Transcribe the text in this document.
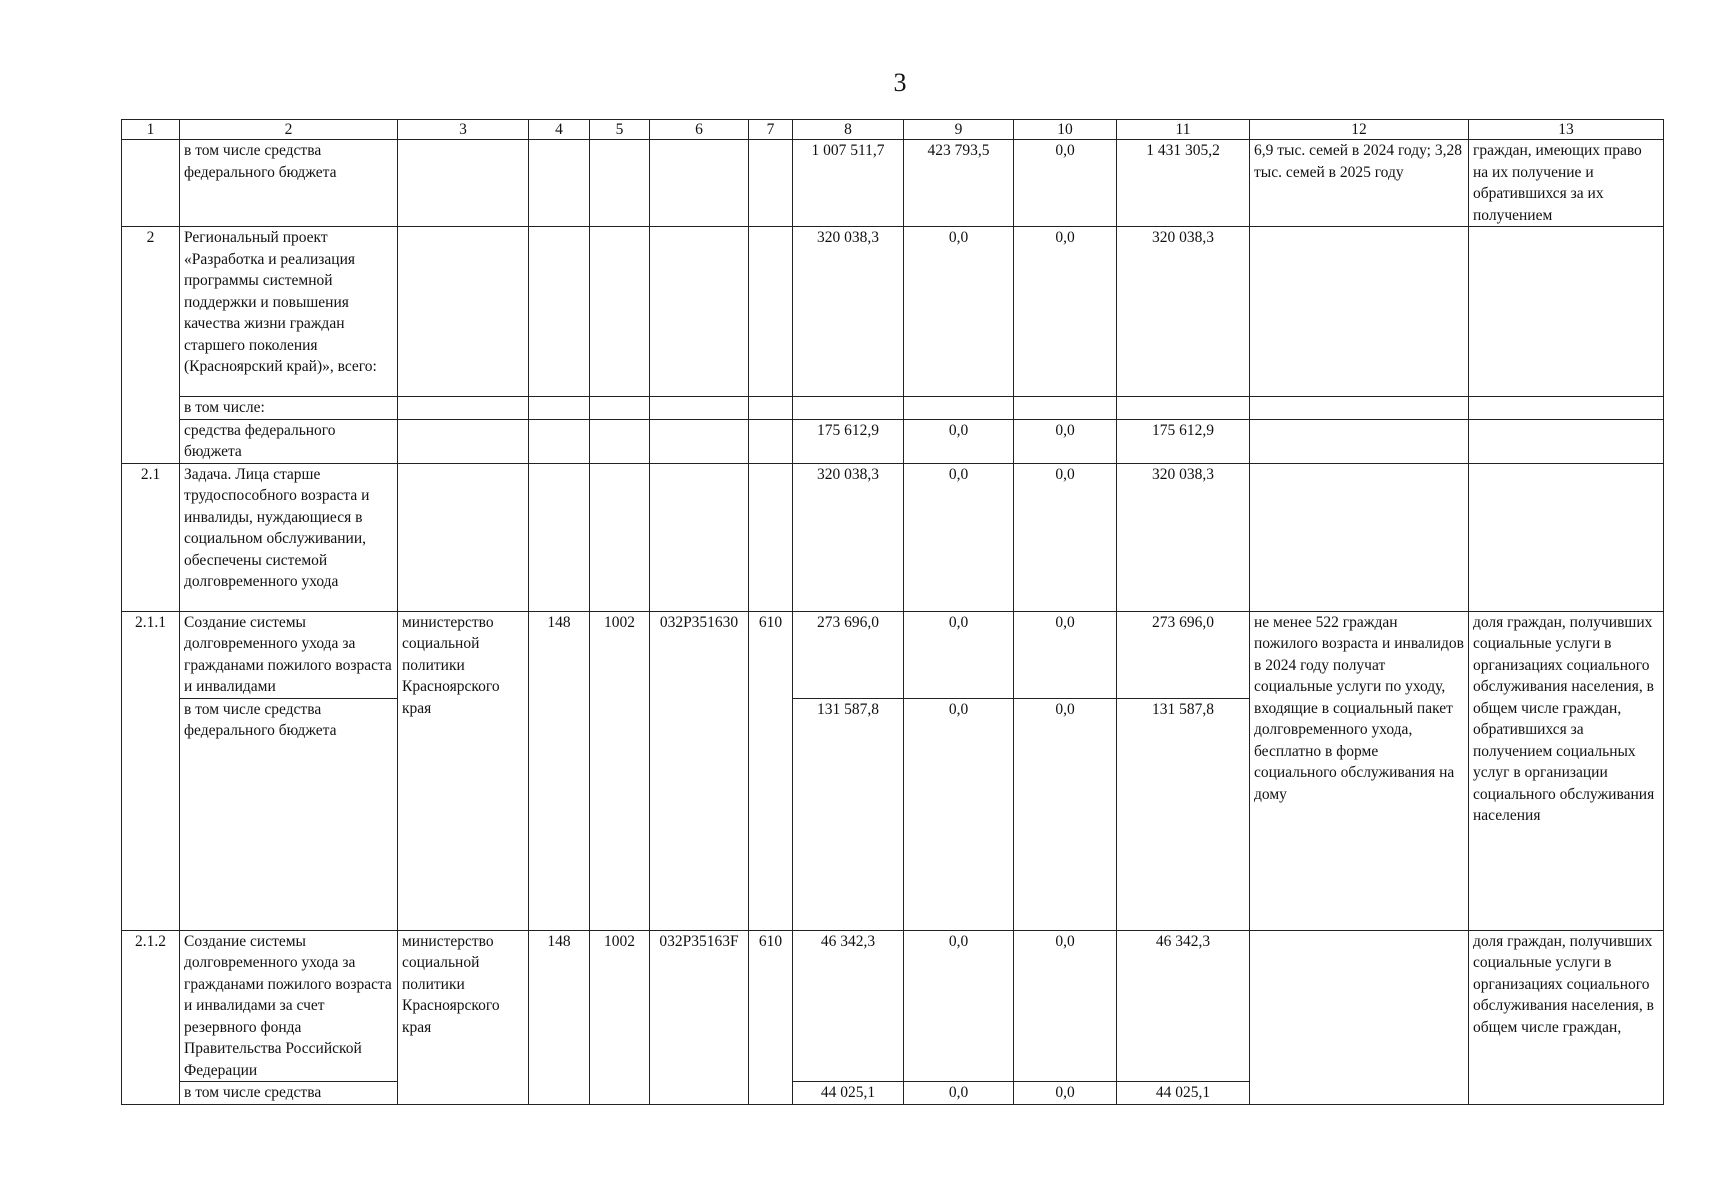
3
1	2	3	4	5	6	7	8	9	10	11	12	13
	в том числе средства федерального бюджета						1 007 511,7	423 793,5	0,0	1 431 305,2	6,9 тыс. семей в 2024 году; 3,28 тыс. семей в 2025 году	граждан, имеющих право на их получение и обратившихся за их получением
2	Региональный проект «Разработка и реализация программы системной поддержки и повышения качества жизни граждан старшего поколения (Красноярский край)», всего:						320 038,3	0,0	0,0	320 038,3		
	в том числе:											
	средства федерального бюджета						175 612,9	0,0	0,0	175 612,9		
2.1	Задача. Лица старше трудоспособного возраста и инвалиды, нуждающиеся в социальном обслуживании, обеспечены системой долговременного ухода						320 038,3	0,0	0,0	320 038,3		
2.1.1	Создание системы долговременного ухода за гражданами пожилого возраста и инвалидами	министерство социальной политики Красноярского края	148	1002	032P351630	610	273 696,0	0,0	0,0	273 696,0	не менее 522 граждан пожилого возраста и инвалидов в 2024 году получат социальные услуги по уходу, входящие в социальный пакет долговременного ухода, бесплатно в форме социального обслуживания на дому	доля граждан, получивших социальные услуги в организациях социального обслуживания населения, в общем числе граждан, обратившихся за получением социальных услуг в организации социального обслуживания населения
	в том числе средства федерального бюджета						131 587,8	0,0	0,0	131 587,8		
2.1.2	Создание системы долговременного ухода за гражданами пожилого возраста и инвалидами за счет резервного фонда Правительства Российской Федерации	министерство социальной политики Красноярского края	148	1002	032P35163F	610	46 342,3	0,0	0,0	46 342,3		доля граждан, получивших социальные услуги в организациях социального обслуживания населения, в общем числе граждан,
	в том числе средства						44 025,1	0,0	0,0	44 025,1		
